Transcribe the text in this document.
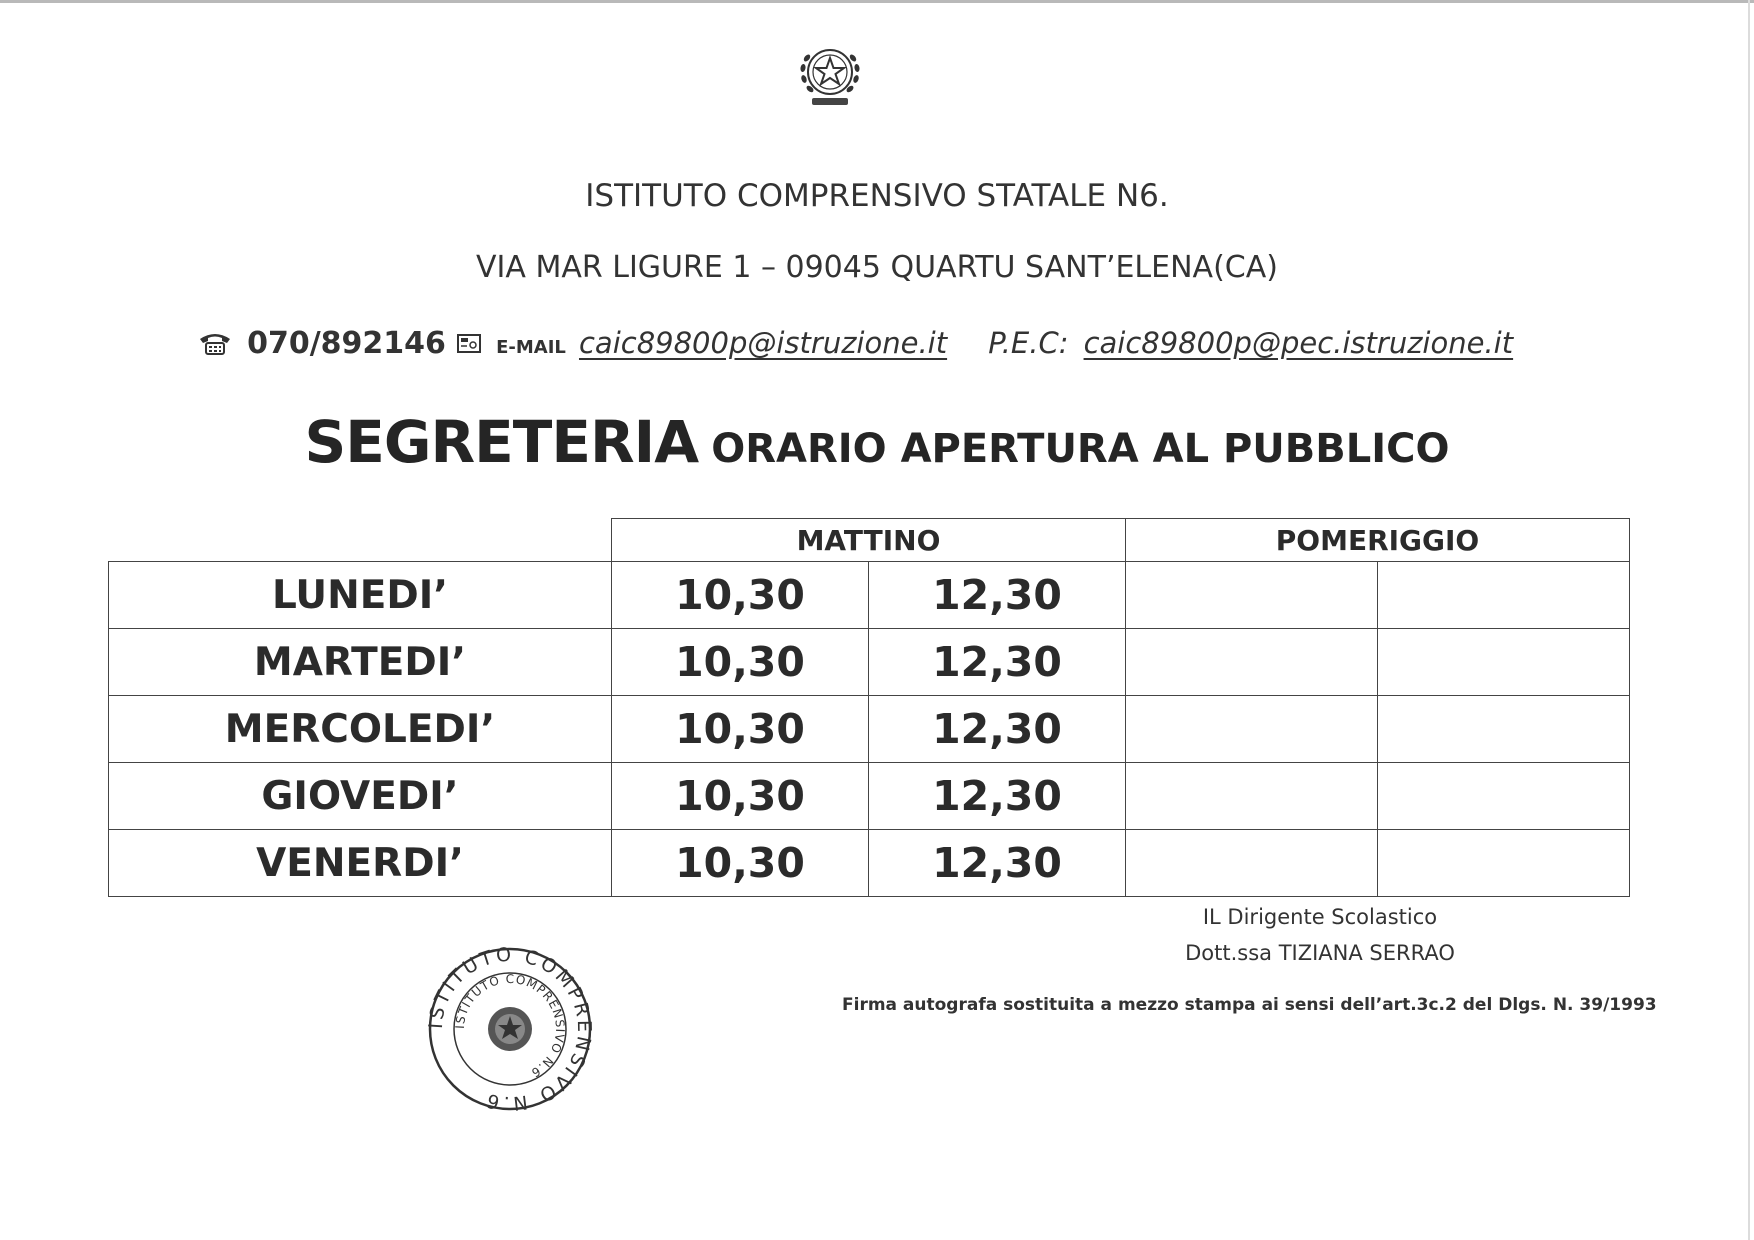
ISTITUTO COMPRENSIVO STATALE N6.
VIA MAR LIGURE 1 – 09045 QUARTU SANT’ELENA(CA)
070/892146	E-MAIL caic89800p@istruzione.it P.E.C: caic89800p@pec.istruzione.it
SEGRETERIA ORARIO APERTURA AL PUBBLICO
	MATTINO		POMERIGGIO	
LUNEDI’	10,30	12,30		
MARTEDI’	10,30	12,30		
MERCOLEDI’	10,30	12,30		
GIOVEDI’	10,30	12,30		
VENERDI’	10,30	12,30		
IL Dirigente Scolastico
Dott.ssa TIZIANA SERRAO
Firma autografa sostituita a mezzo stampa ai sensi dell’art.3c.2 del Dlgs. N. 39/1993
ISTITUTO COMPRENSIVO N.6
ISTITUTO COMPRENSIVO N.6
